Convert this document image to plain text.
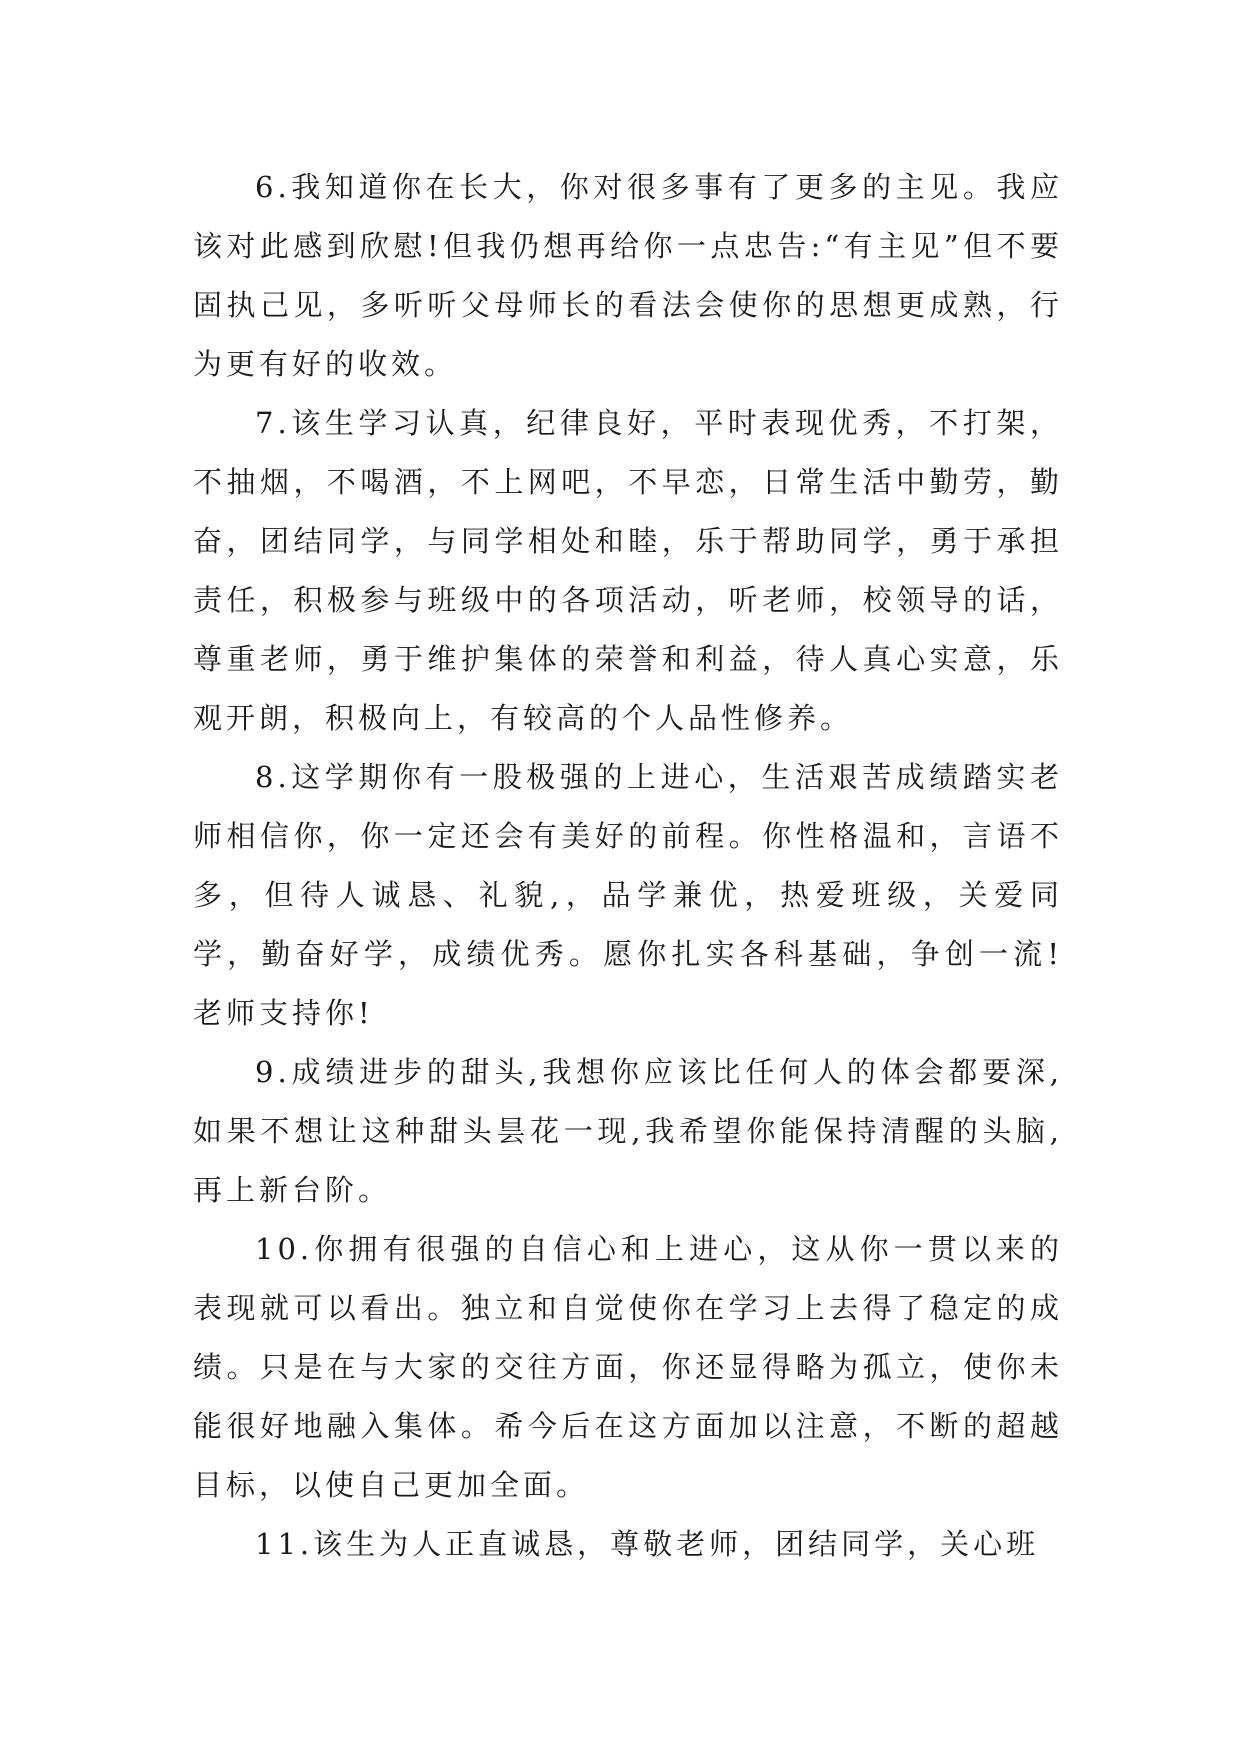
6.我知道你在长大，你对很多事有了更多的主见。我应该对此感到欣慰!但我仍想再给你一点忠告:“有主见”但不要固执己见，多听听父母师长的看法会使你的思想更成熟，行为更有好的收效。

7.该生学习认真，纪律良好，平时表现优秀，不打架，不抽烟，不喝酒，不上网吧，不早恋，日常生活中勤劳，勤奋，团结同学，与同学相处和睦，乐于帮助同学，勇于承担责任，积极参与班级中的各项活动，听老师，校领导的话，尊重老师，勇于维护集体的荣誉和利益，待人真心实意，乐观开朗，积极向上，有较高的个人品性修养。

8.这学期你有一股极强的上进心，生活艰苦成绩踏实老师相信你，你一定还会有美好的前程。你性格温和，言语不多，但待人诚恳、礼貌,，品学兼优，热爱班级，关爱同学，勤奋好学，成绩优秀。愿你扎实各科基础，争创一流!老师支持你!

9.成绩进步的甜头,我想你应该比任何人的体会都要深,如果不想让这种甜头昙花一现,我希望你能保持清醒的头脑,再上新台阶。

10.你拥有很强的自信心和上进心，这从你一贯以来的表现就可以看出。独立和自觉使你在学习上去得了稳定的成绩。只是在与大家的交往方面，你还显得略为孤立，使你未能很好地融入集体。希今后在这方面加以注意，不断的超越目标，以使自己更加全面。

11.该生为人正直诚恳，尊敬老师，团结同学，关心班
